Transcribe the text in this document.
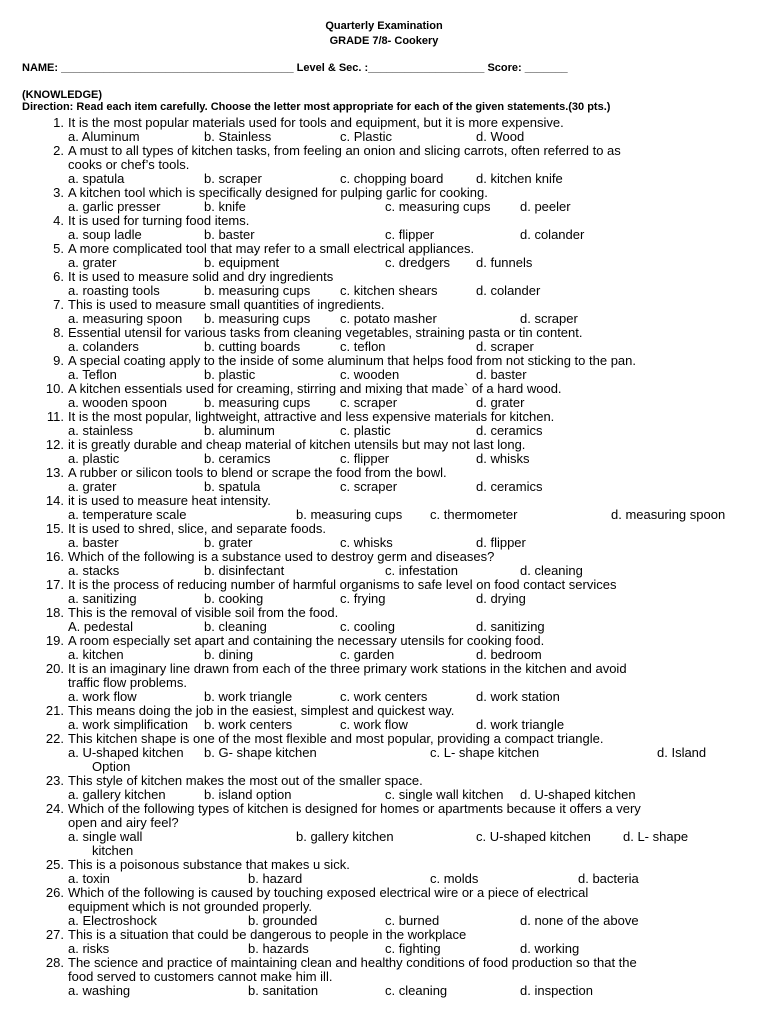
Quarterly Examination
GRADE 7/8- Cookery
NAME: ______________________________________ Level & Sec. :___________________ Score: _______
(KNOWLEDGE)
Direction: Read each item carefully. Choose the letter most appropriate for each of the given statements.(30 pts.)
1. It is the most popular materials used for tools and equipment, but it is more expensive.
a. Aluminum	b. Stainless	c. Plastic	d. Wood
2. A must to all types of kitchen tasks, from feeling an onion and slicing carrots, often referred to as
cooks or chef’s tools.
a. spatula	b. scraper	c. chopping board	d. kitchen knife
3. A kitchen tool which is specifically designed for pulping garlic for cooking.
a. garlic presser	b. knife	c. measuring cups d. peeler
4. It is used for turning food items.
a. soup ladle	b. baster	c. flipper	d. colander
5. A more complicated tool that may refer to a small electrical appliances.
a. grater	b. equipment	c. dredgers d. funnels
6. It is used to measure solid and dry ingredients
a. roasting tools	b. measuring cups c. kitchen shears	d. colander
7. This is used to measure small quantities of ingredients.
a. measuring spoon b. measuring cups c. potato masher	d. scraper
8. Essential utensil for various tasks from cleaning vegetables, straining pasta or tin content.
a. colanders	b. cutting boards	c. teflon	d. scraper
9. A special coating apply to the inside of some aluminum that helps food from not sticking to the pan.
a. Teflon	b. plastic	c. wooden	d. baster
10. A kitchen essentials used for creaming, stirring and mixing that made` of a hard wood.
a. wooden spoon	b. measuring cups c. scraper	d. grater
11. It is the most popular, lightweight, attractive and less expensive materials for kitchen.
a. stainless	b. aluminum	c. plastic	d. ceramics
12. it is greatly durable and cheap material of kitchen utensils but may not last long.
a. plastic	b. ceramics	c. flipper	d. whisks
13. A rubber or silicon tools to blend or scrape the food from the bowl.
a. grater	b. spatula	c. scraper	d. ceramics
14. it is used to measure heat intensity.
a. temperature scale	b. measuring cups c. thermometer	d. measuring spoon
15. It is used to shred, slice, and separate foods.
a. baster	b. grater	c. whisks	d. flipper
16. Which of the following is a substance used to destroy germ and diseases?
a. stacks	b. disinfectant	c. infestation	d. cleaning
17. It is the process of reducing number of harmful organisms to safe level on food contact services
a. sanitizing	b. cooking	c. frying	d. drying
18. This is the removal of visible soil from the food.
A. pedestal	b. cleaning	c. cooling	d. sanitizing
19. A room especially set apart and containing the necessary utensils for cooking food.
a. kitchen	b. dining	c. garden	d. bedroom
20. It is an imaginary line drawn from each of the three primary work stations in the kitchen and avoid
traffic flow problems.
a. work flow	b. work triangle	c. work centers	d. work station
21. This means doing the job in the easiest, simplest and quickest way.
a. work simplification b. work centers	c. work flow	d. work triangle
22. This kitchen shape is one of the most flexible and most popular, providing a compact triangle.
a. U-shaped kitchen b. G- shape kitchen	c. L- shape kitchen	d. Island
Option
23. This style of kitchen makes the most out of the smaller space.
a. gallery kitchen	b. island option	c. single wall kitchen d. U-shaped kitchen
24. Which of the following types of kitchen is designed for homes or apartments because it offers a very
open and airy feel?
a. single wall	b. gallery kitchen	c. U-shaped kitchen d. L- shape
kitchen
25. This is a poisonous substance that makes u sick.
a. toxin	b. hazard	c. molds	d. bacteria
26. Which of the following is caused by touching exposed electrical wire or a piece of electrical
equipment which is not grounded properly.
a. Electroshock	b. grounded	c. burned	d. none of the above
27. This is a situation that could be dangerous to people in the workplace
a. risks	b. hazards	c. fighting	d. working
28. The science and practice of maintaining clean and healthy conditions of food production so that the
food served to customers cannot make him ill.
a. washing	b. sanitation	c. cleaning	d. inspection
